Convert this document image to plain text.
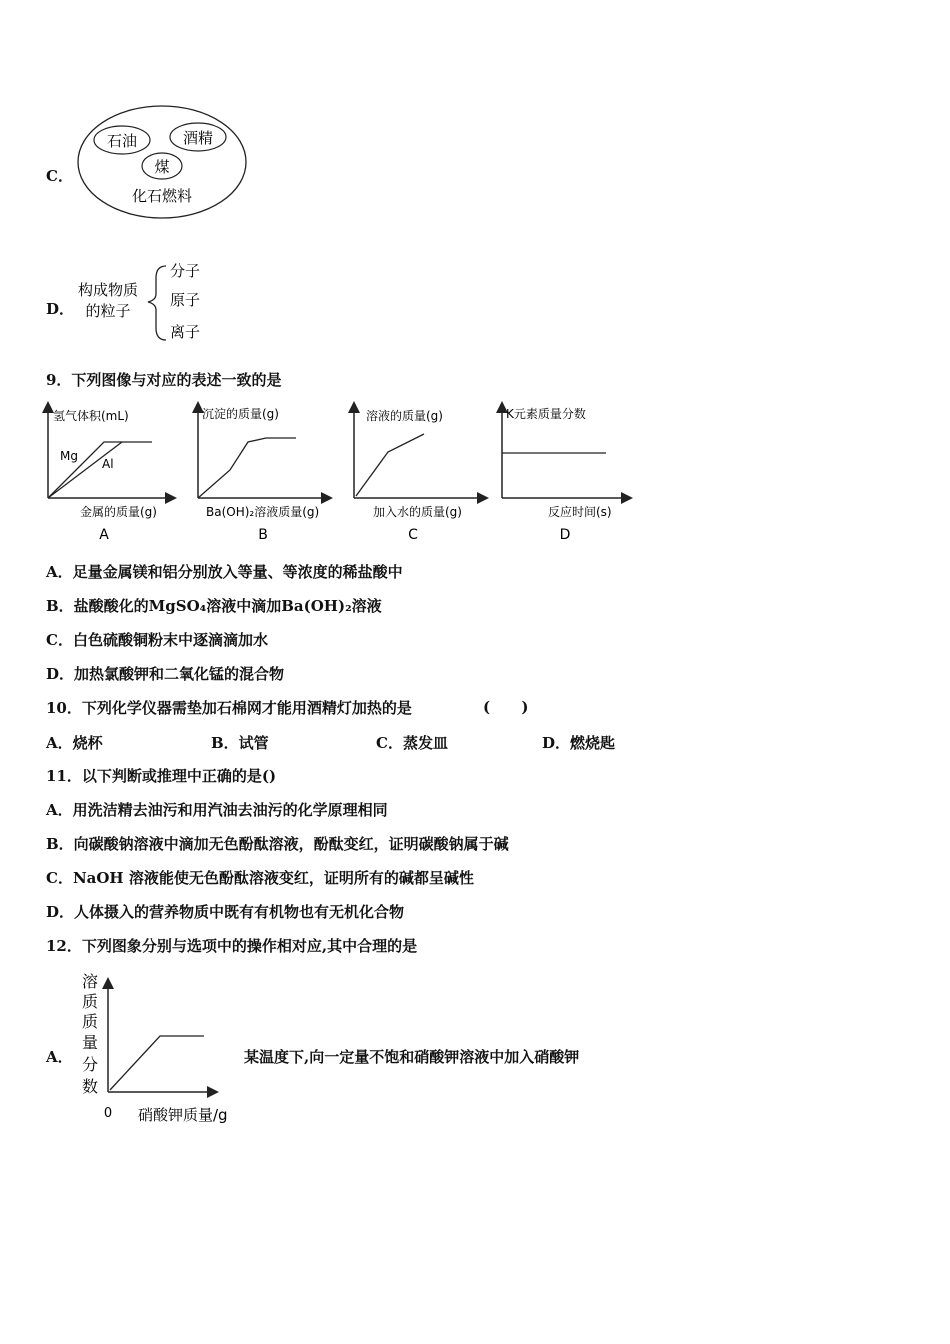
C．
石油	酒精
煤
化石燃料
D．
构成物质
的粒子
分子
原子
离子
9．下列图像与对应的表述一致的是
氢气体积(mL)
Mg
Al
金属的质量(g)
A
沉淀的质量(g)
Ba(OH)₂溶液质量(g)
B
溶液的质量(g)
加入水的质量(g)
C
K元素质量分数
反应时间(s)
D
A．足量金属镁和铝分别放入等量、等浓度的稀盐酸中
B．盐酸酸化的MgSO₄溶液中滴加Ba(OH)₂溶液
C．白色硫酸铜粉末中逐滴滴加水
D．加热氯酸钾和二氧化锰的混合物
10．下列化学仪器需垫加石棉网才能用酒精灯加热的是	(      )
A．烧杯	B．试管	C．蒸发皿	D．燃烧匙
11．以下判断或推理中正确的是()
A．用洗洁精去油污和用汽油去油污的化学原理相同
B．向碳酸钠溶液中滴加无色酚酞溶液，酚酞变红，证明碳酸钠属于碱
C．NaOH 溶液能使无色酚酞溶液变红，证明所有的碱都呈碱性
D．人体摄入的营养物质中既有有机物也有无机化合物
12．下列图象分别与选项中的操作相对应,其中合理的是
A．
溶
质
质
量
分
数
0 硝酸钾质量/g
某温度下,向一定量不饱和硝酸钾溶液中加入硝酸钾
